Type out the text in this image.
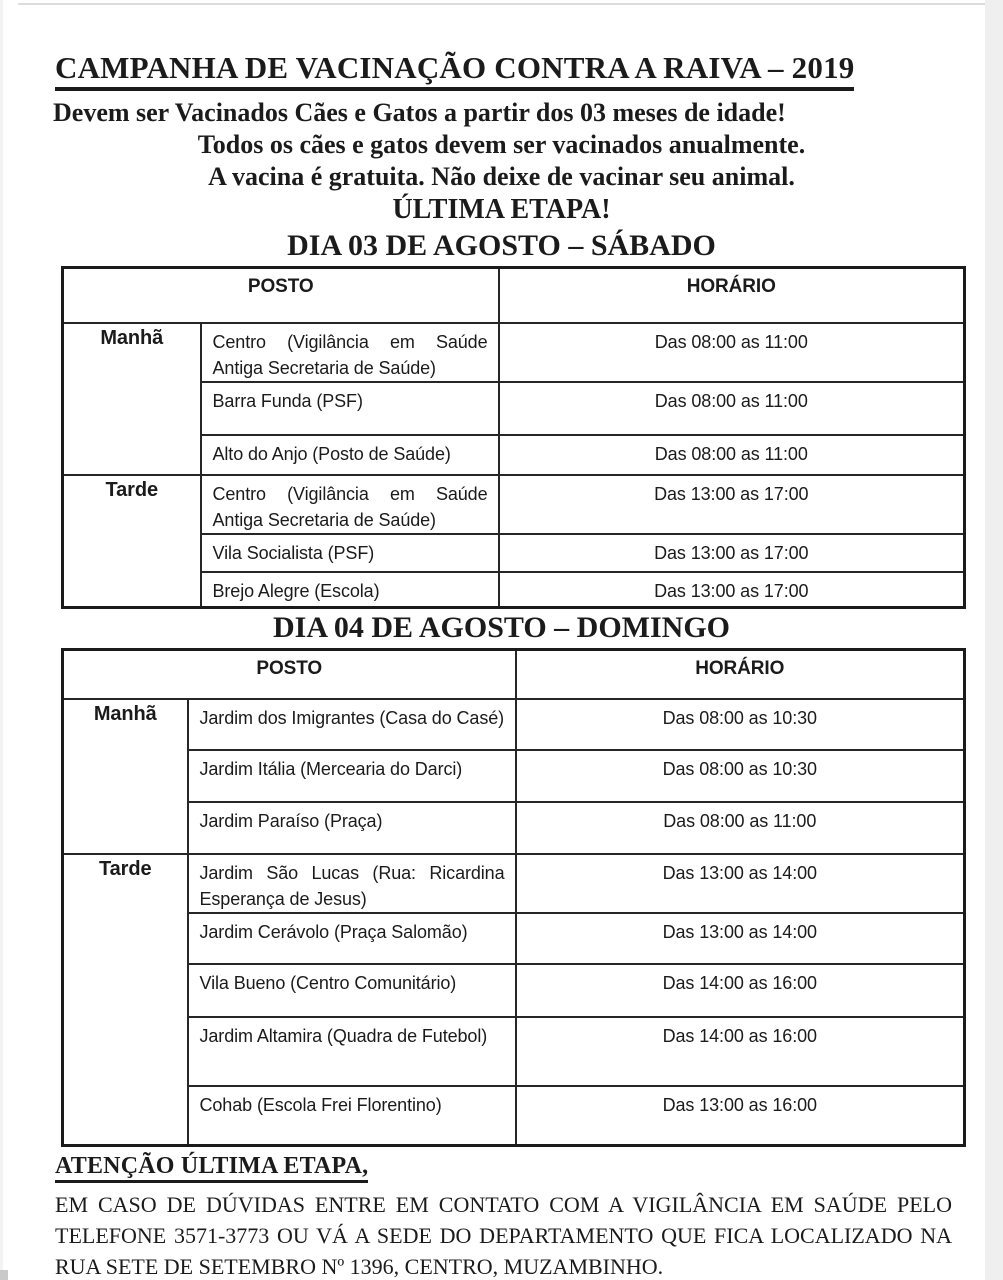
CAMPANHA DE VACINAÇÃO CONTRA A RAIVA – 2019

Devem ser Vacinados Cães e Gatos a partir dos 03 meses de idade!

Todos os cães e gatos devem ser vacinados anualmente.

A vacina é gratuita. Não deixe de vacinar seu animal.

ÚLTIMA ETAPA!

DIA 03 DE AGOSTO – SÁBADO
POSTO		HORÁRIO
Manhã	Centro (Vigilância em Saúde Antiga Secretaria de Saúde)	Das 08:00 as 11:00
	Barra Funda (PSF)	Das 08:00 as 11:00
	Alto do Anjo (Posto de Saúde)	Das 08:00 as 11:00
Tarde	Centro (Vigilância em Saúde Antiga Secretaria de Saúde)	Das 13:00 as 17:00
	Vila Socialista (PSF)	Das 13:00 as 17:00
	Brejo Alegre (Escola)	Das 13:00 as 17:00
DIA 04 DE AGOSTO – DOMINGO
POSTO		HORÁRIO
Manhã	Jardim dos Imigrantes (Casa do Casé)	Das 08:00 as 10:30
	Jardim Itália (Mercearia do Darci)	Das 08:00 as 10:30
	Jardim Paraíso (Praça)	Das 08:00 as 11:00
Tarde	Jardim São Lucas (Rua: Ricardina Esperança de Jesus)	Das 13:00 as 14:00
	Jardim Cerávolo (Praça Salomão)	Das 13:00 as 14:00
	Vila Bueno (Centro Comunitário)	Das 14:00 as 16:00
	Jardim Altamira (Quadra de Futebol)	Das 14:00 as 16:00
	Cohab (Escola Frei Florentino)	Das 13:00 as 16:00
ATENÇÃO ÚLTIMA ETAPA,

EM CASO DE DÚVIDAS ENTRE EM CONTATO COM A VIGILÂNCIA EM SAÚDE PELO TELEFONE 3571-3773 OU VÁ A SEDE DO DEPARTAMENTO QUE FICA LOCALIZADO NA RUA SETE DE SETEMBRO Nº 1396, CENTRO, MUZAMBINHO.
